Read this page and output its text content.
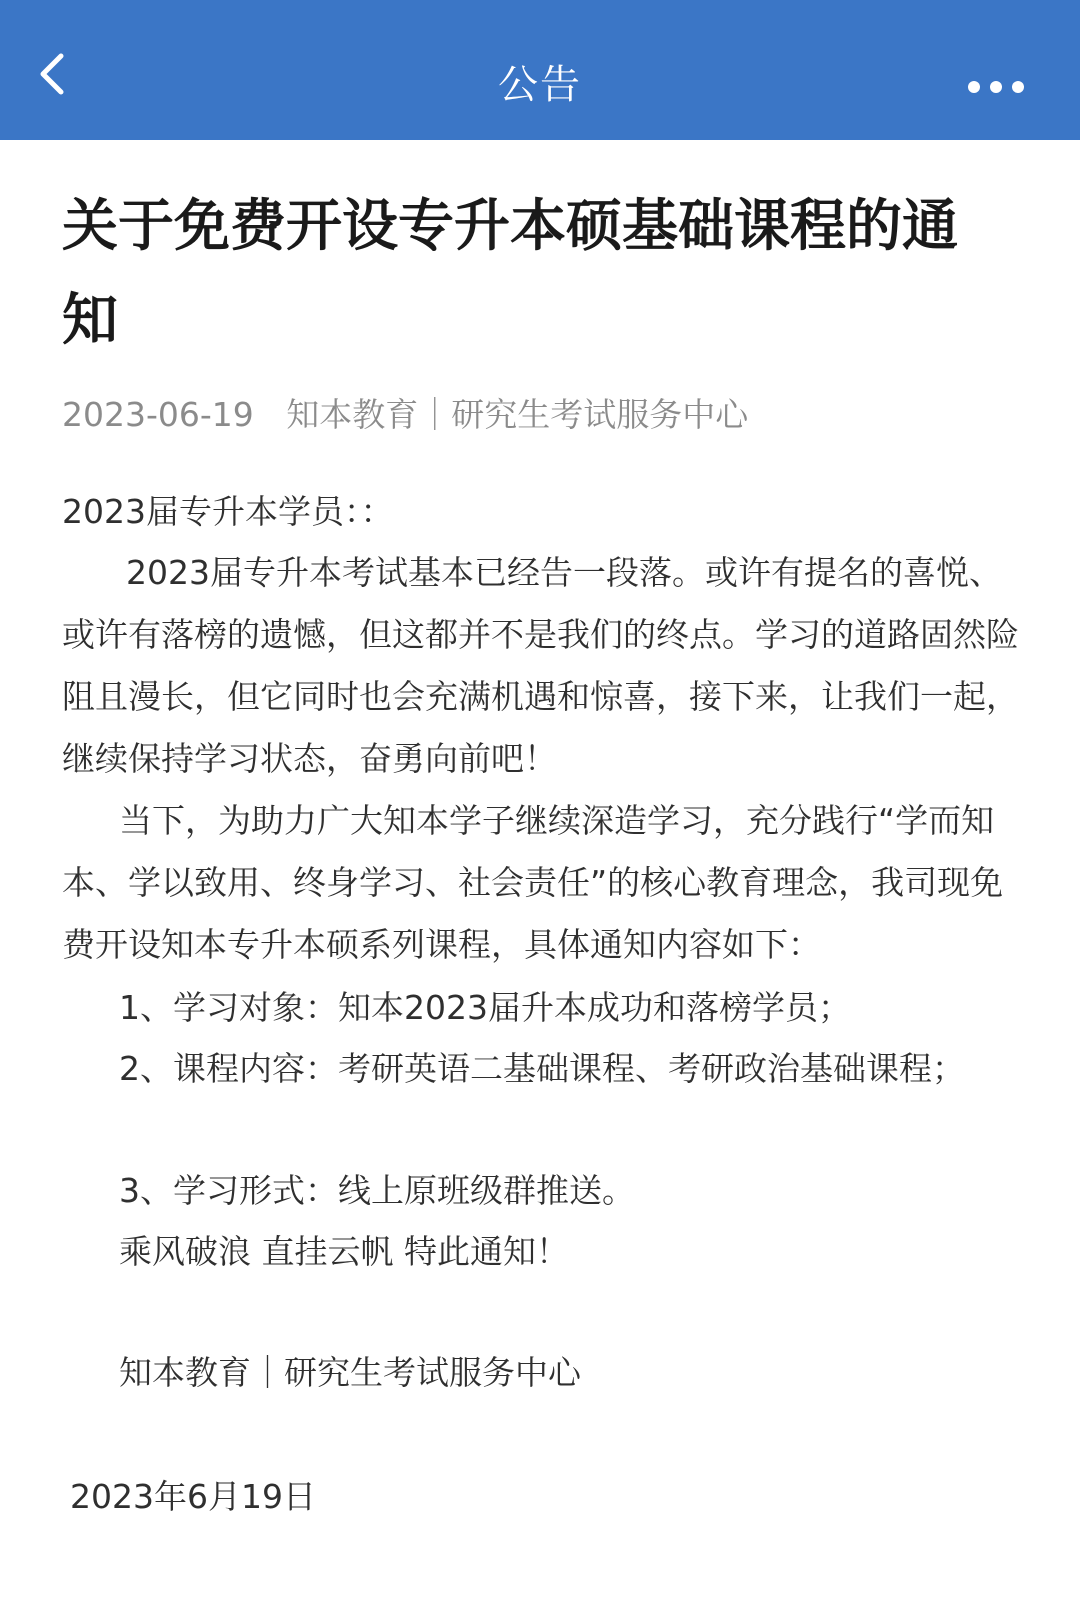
公告
关于免费开设专升本硕基础课程的通知
2023-06-19 知本教育｜研究生考试服务中心

2023届专升本学员：：

2023届专升本考试基本已经告一段落。或许有提名的喜悦、或许有落榜的遗憾，但这都并不是我们的终点。学习的道路固然险阻且漫长，但它同时也会充满机遇和惊喜，接下来，让我们一起，继续保持学习状态，奋勇向前吧！

当下，为助力广大知本学子继续深造学习，充分践行“学而知本、学以致用、终身学习、社会责任”的核心教育理念，我司现免费开设知本专升本硕系列课程，具体通知内容如下：

1、学习对象：知本2023届升本成功和落榜学员；

2、课程内容：考研英语二基础课程、考研政治基础课程；

3、学习形式：线上原班级群推送。

乘风破浪 直挂云帆 特此通知！

知本教育｜研究生考试服务中心

2023年6月19日
